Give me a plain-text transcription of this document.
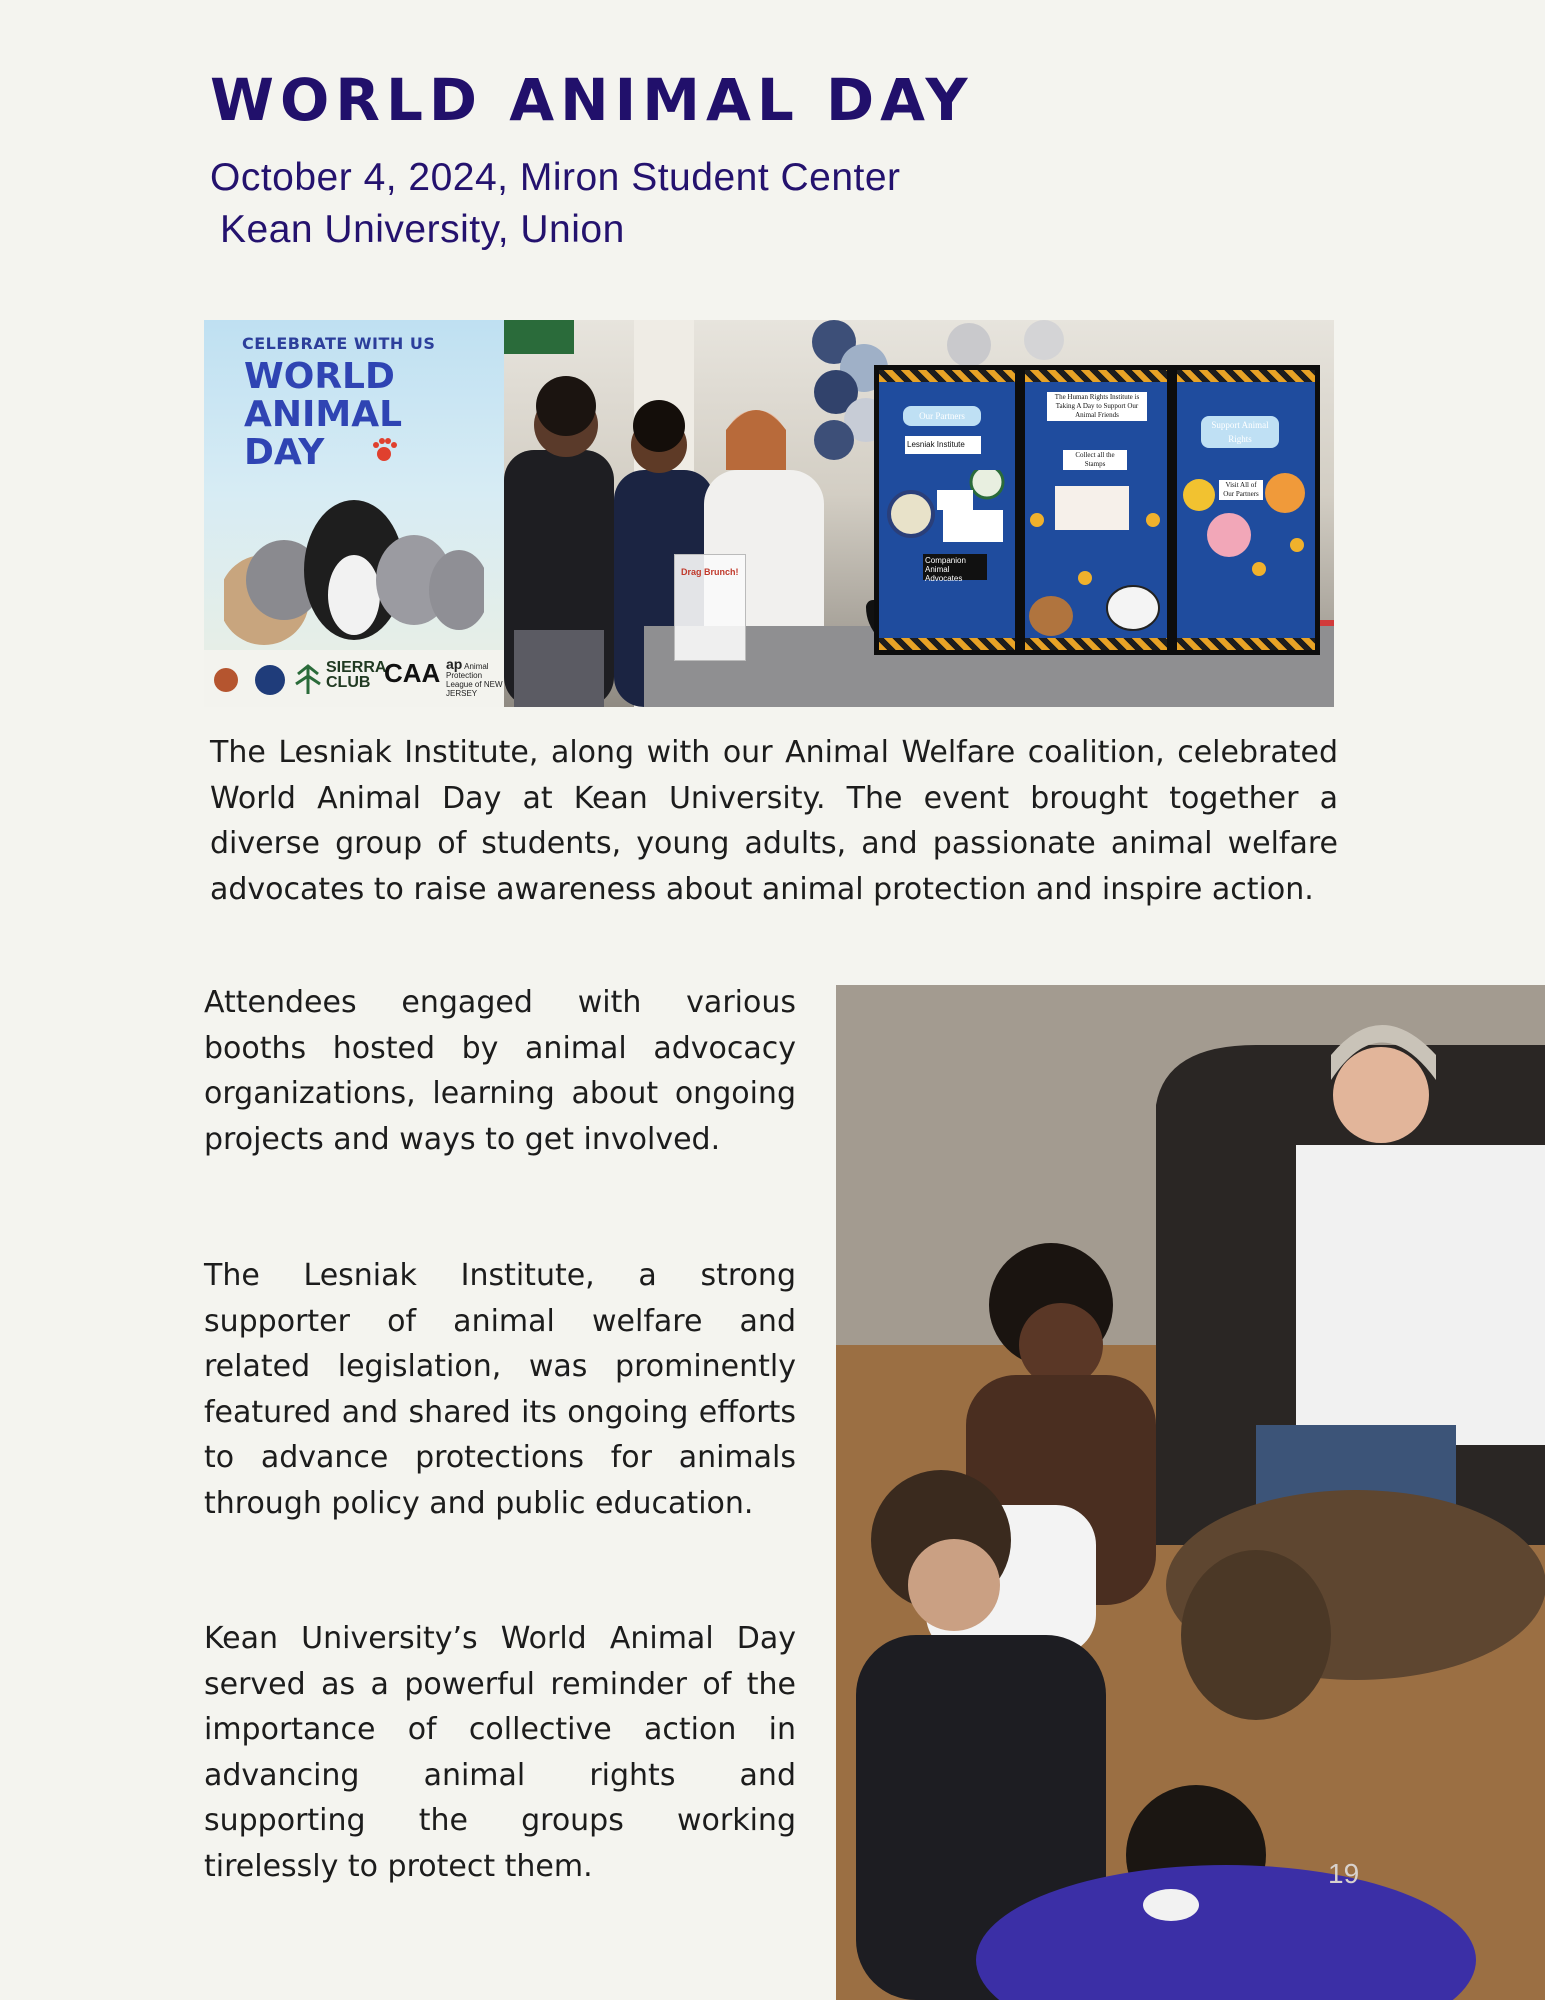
WORLD ANIMAL DAY
October 4, 2024, Miron Student Center
Kean University, Union
CELEBRATE WITH US
WORLD
ANIMAL
DAY
SIERRA
CLUB CAA ap Animal Protection League of NEW JERSEY
Drag Brunch!
Our Partners
Lesniak Institute
Companion Animal Advocates
The Human Rights Institute is Taking A Day to Support Our Animal Friends
Collect all the Stamps
Support Animal Rights
Visit All of Our Partners

The Lesniak Institute, along with our Animal Welfare coalition, celebrated World Animal Day at Kean University. The event brought together a diverse group of students, young adults, and passionate animal welfare advocates to raise awareness about animal protection and inspire action.

Attendees engaged with various booths hosted by animal advocacy organizations, learning about ongoing projects and ways to get involved.

The Lesniak Institute, a strong supporter of animal welfare and related legislation, was prominently featured and shared its ongoing efforts to advance protections for animals through policy and public education.

Kean University’s World Animal Day served as a powerful reminder of the importance of collective action in advancing animal rights and supporting the groups working tirelessly to protect them.	19
